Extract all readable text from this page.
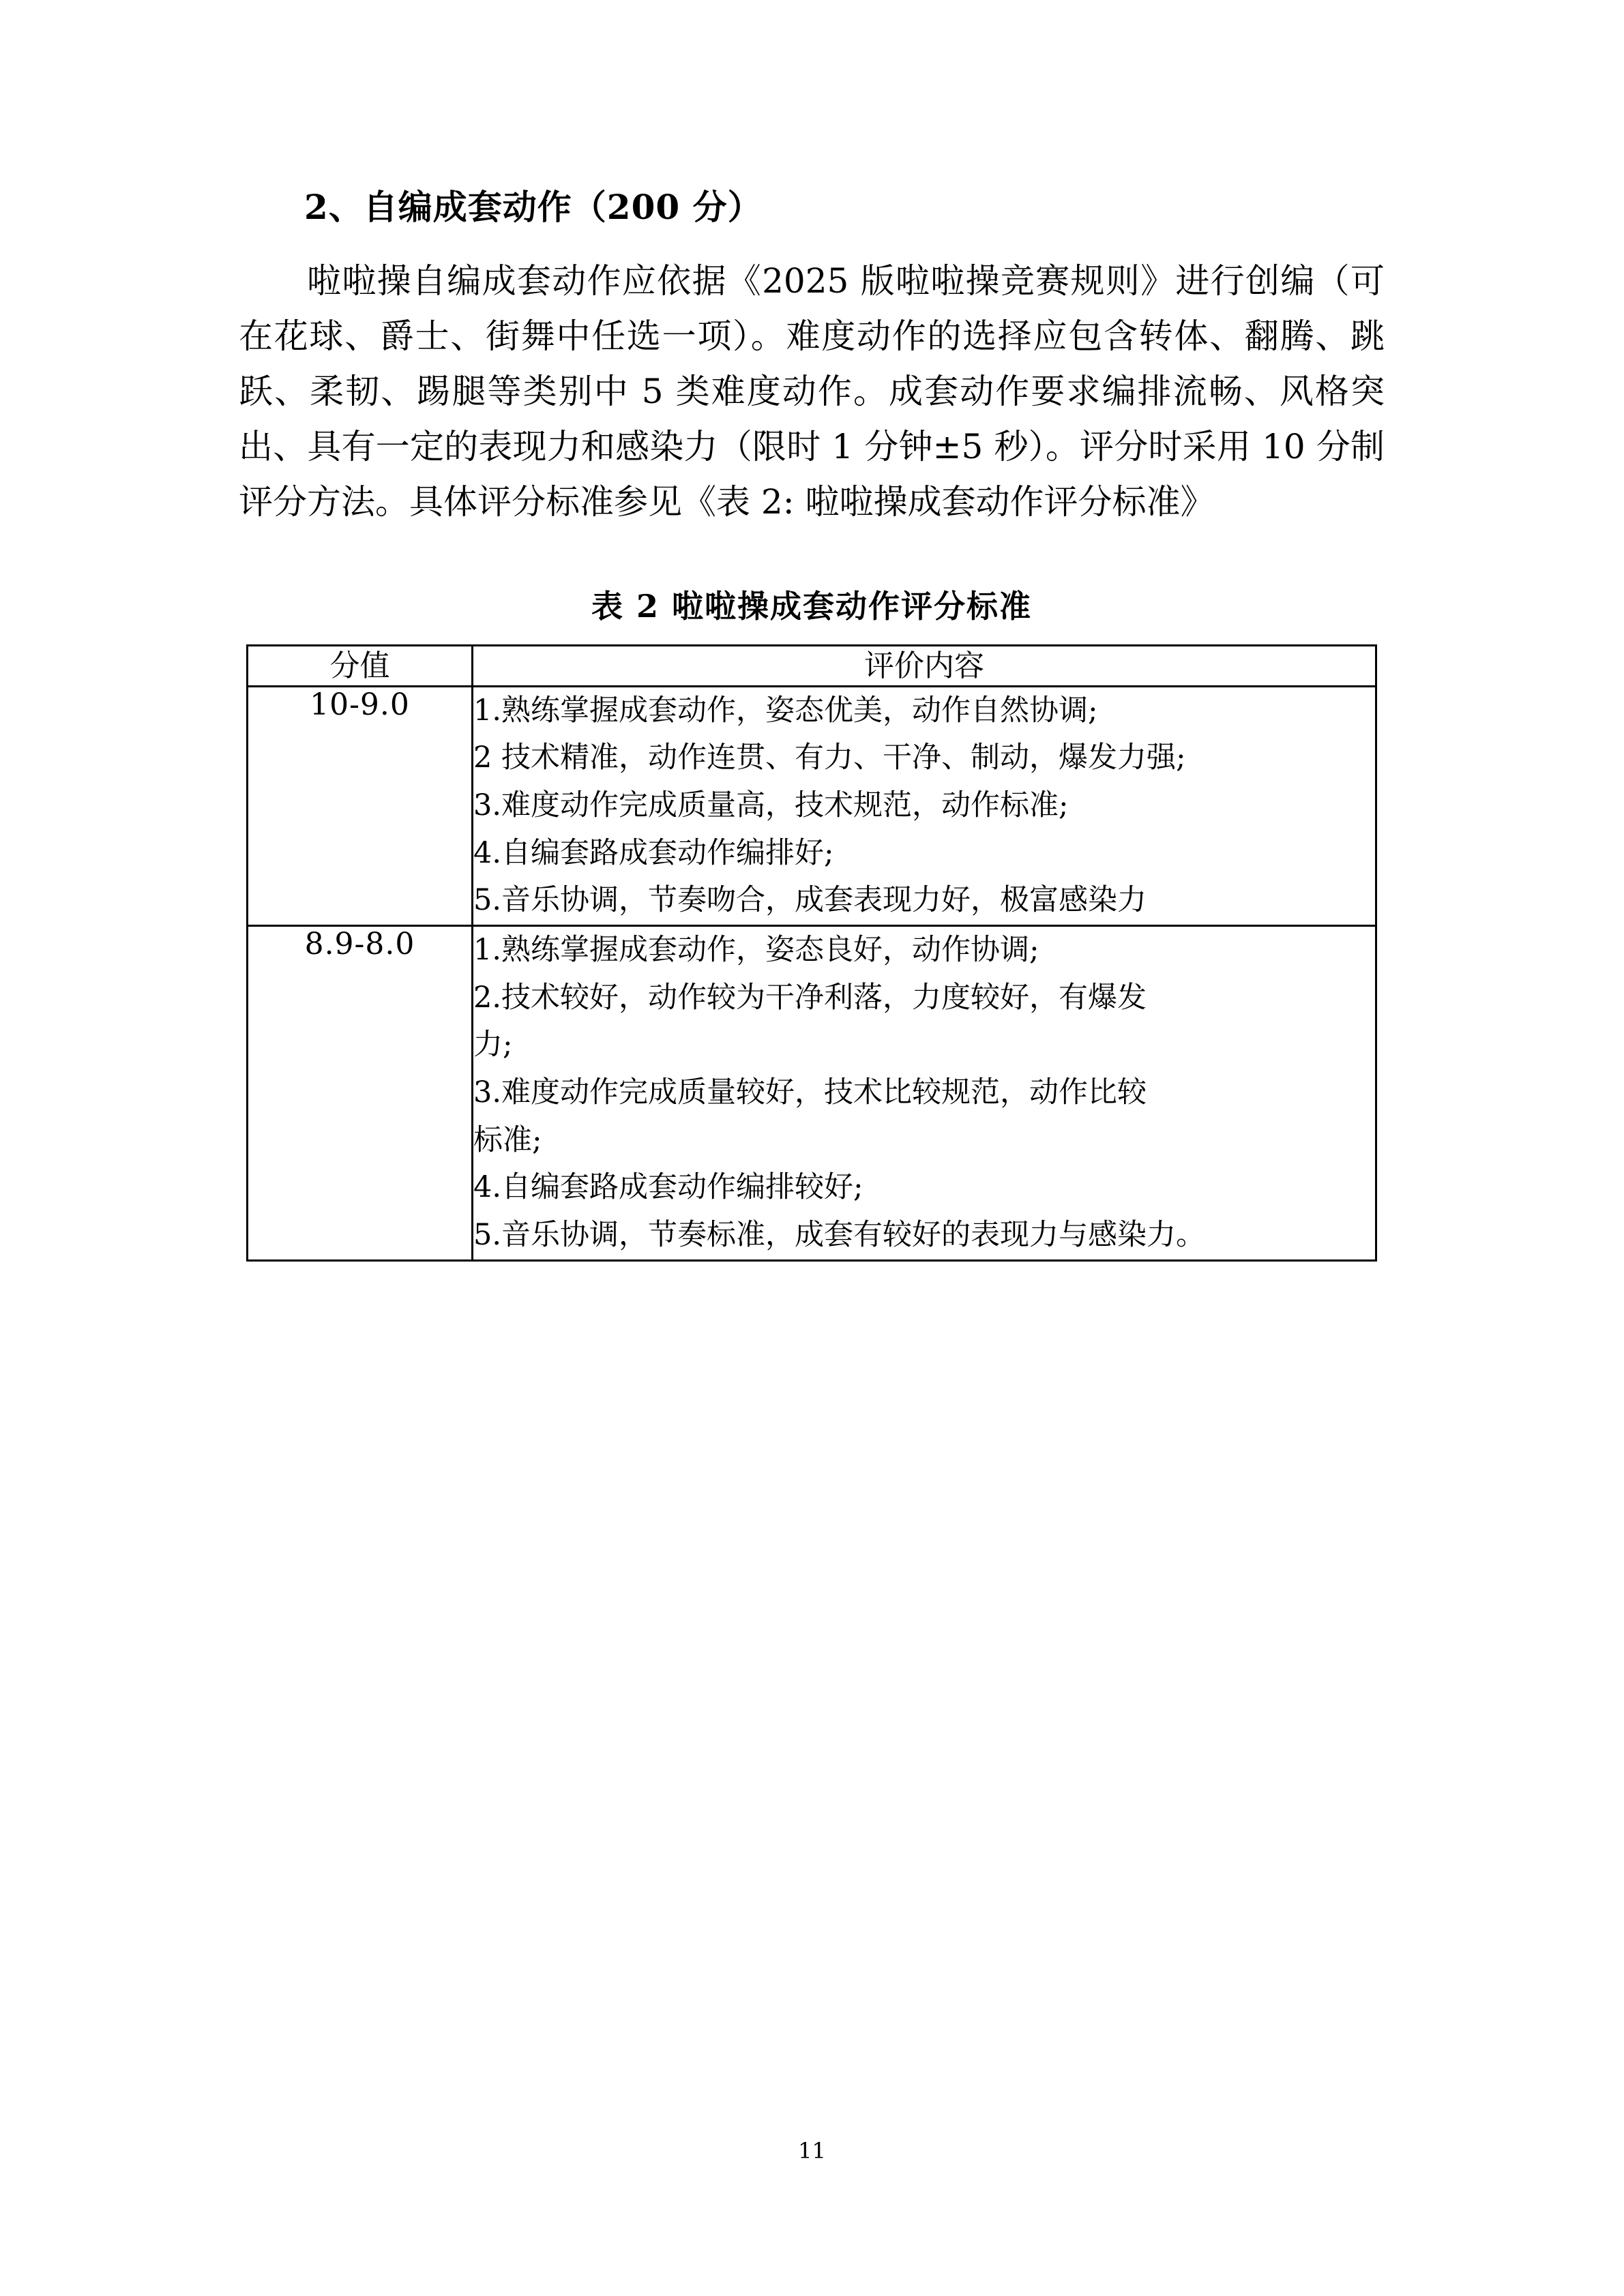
2、自编成套动作（200 分）

啦啦操自编成套动作应依据《2025 版啦啦操竞赛规则》进行创编（可在花球、爵士、街舞中任选一项）。难度动作的选择应包含转体、翻腾、跳跃、柔韧、踢腿等类别中 5 类难度动作。成套动作要求编排流畅、风格突出、具有一定的表现力和感染力（限时 1 分钟±5 秒）。评分时采用 10 分制评分方法。具体评分标准参见《表 2: 啦啦操成套动作评分标准》

表 2 啦啦操成套动作评分标准
分值	评价内容
10-9.0	1.熟练掌握成套动作，姿态优美，动作自然协调;
2 技术精准，动作连贯、有力、干净、制动，爆发力强;
3.难度动作完成质量高，技术规范，动作标准;
4.自编套路成套动作编排好;
5.音乐协调，节奏吻合，成套表现力好，极富感染力

8.9-8.0	1.熟练掌握成套动作，姿态良好，动作协调;
2.技术较好，动作较为干净利落，力度较好，有爆发
力;
3.难度动作完成质量较好，技术比较规范，动作比较
标准;
4.自编套路成套动作编排较好;
5.音乐协调，节奏标准，成套有较好的表现力与感染力。
11
